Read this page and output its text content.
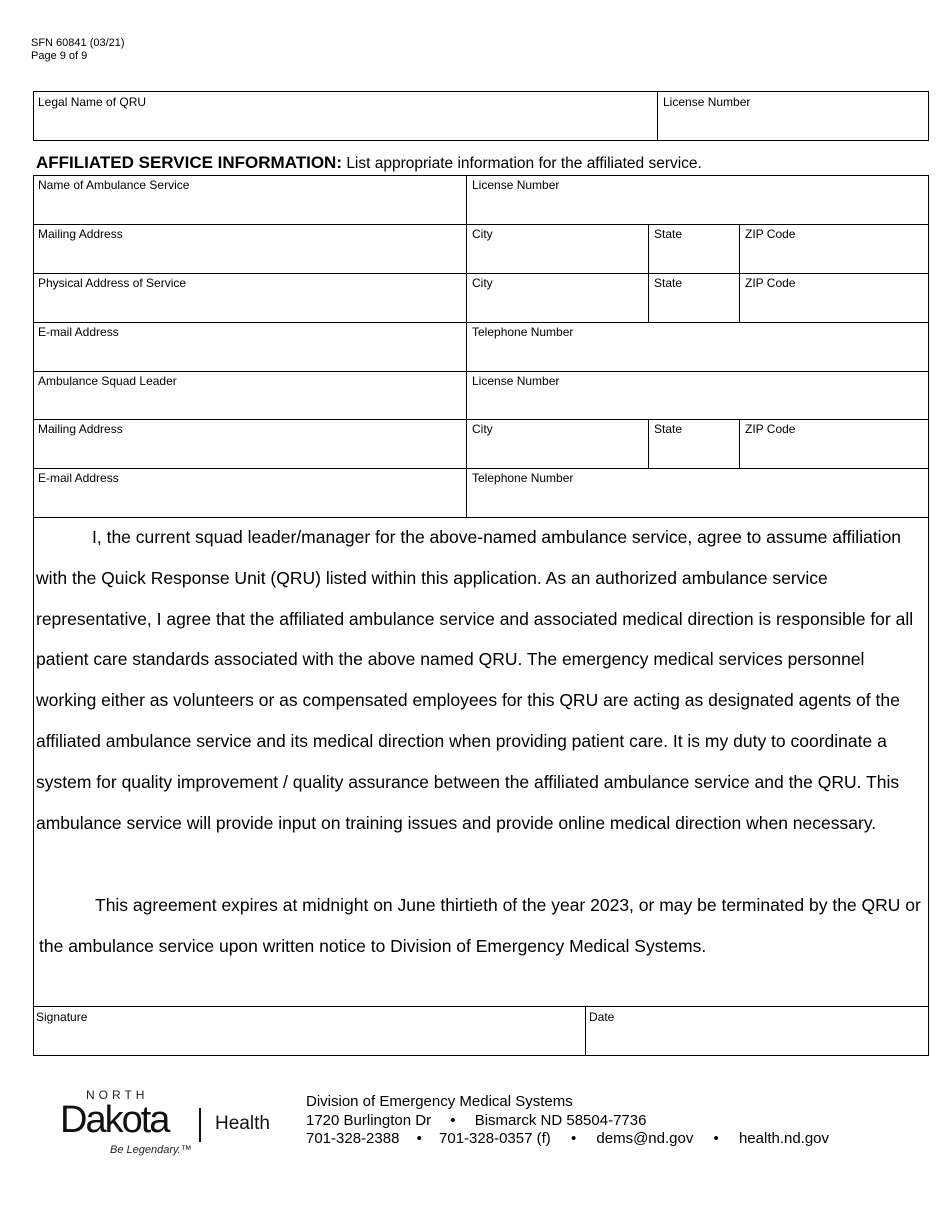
SFN 60841 (03/21)
Page 9 of 9
Legal Name of QRU	License Number
AFFILIATED SERVICE INFORMATION: List appropriate information for the affiliated service.
Name of Ambulance Service	License Number
Mailing Address	City	State	ZIP Code
Physical Address of Service	City	State	ZIP Code
E-mail Address	Telephone Number
Ambulance Squad Leader	License Number
Mailing Address	City	State	ZIP Code
E-mail Address	Telephone Number
I, the current squad leader/manager for the above-named ambulance service, agree to assume affiliation with the Quick Response Unit (QRU) listed within this application. As an authorized ambulance service representative, I agree that the affiliated ambulance service and associated medical direction is responsible for all patient care standards associated with the above named QRU. The emergency medical services personnel working either as volunteers or as compensated employees for this QRU are acting as designated agents of the affiliated ambulance service and its medical direction when providing patient care. It is my duty to coordinate a system for quality improvement / quality assurance between the affiliated ambulance service and the QRU. This ambulance service will provide input on training issues and provide online medical direction when necessary.
This agreement expires at midnight on June thirtieth of the year 2023, or may be terminated by the QRU or the ambulance service upon written notice to Division of Emergency Medical Systems.
Signature	Date
NORTH
Dakota Health
Be Legendary.™
Division of Emergency Medical Systems
1720 Burlington Dr • Bismarck ND 58504-7736
701-328-2388 • 701-328-0357 (f) • dems@nd.gov • health.nd.gov
